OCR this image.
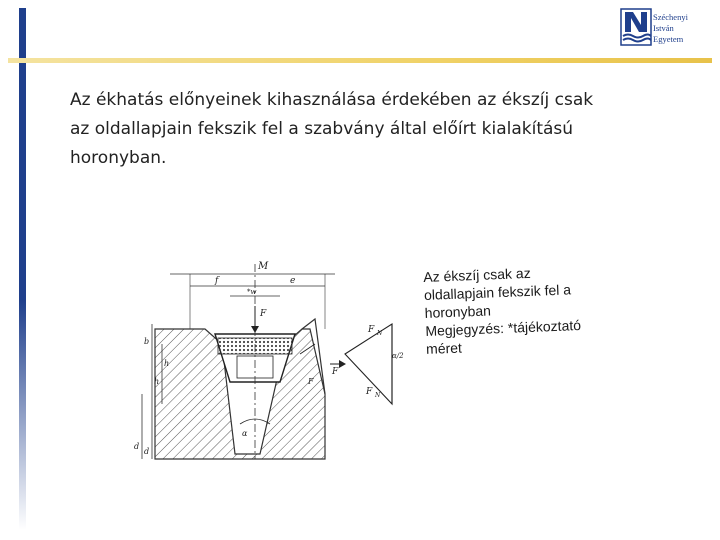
Széchenyi
István
Egyetem
Az ékhatás előnyeinek kihasználása érdekében az ékszíj csak
az oldallapjain fekszik fel a szabvány által előírt kialakítású
horonyban.
M
f	e
*w
F
b
h
h
d
d
α
F
F N
F
F N
α/2
Az ékszíj csak az
oldallapjain fekszik fel a
horonyban
Megjegyzés: *tájékoztató
méret
